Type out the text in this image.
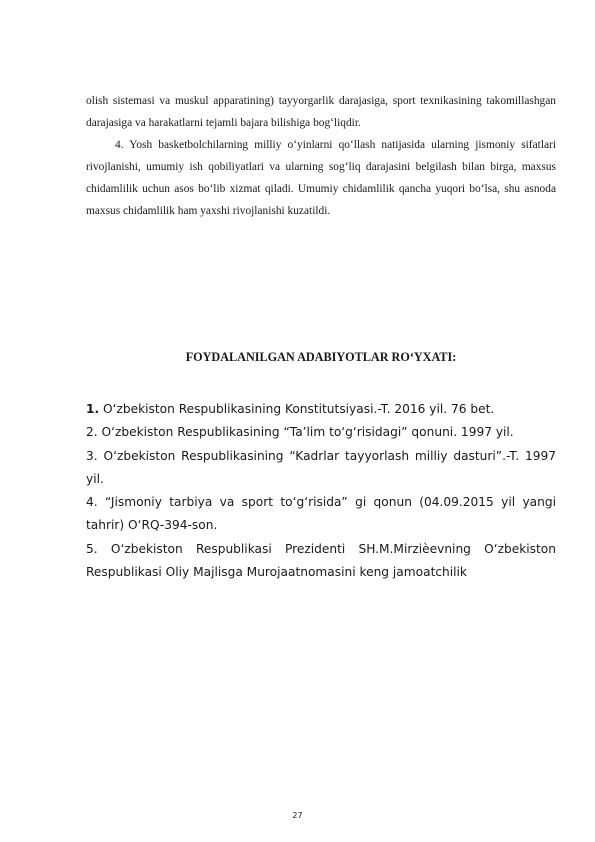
olish sistemasi va muskul apparatining) tayyorgarlik darajasiga, sport texnikasining takomillashgan darajasiga va harakatlarni tejamli bajara bilishiga bog‘liqdir.

4. Yosh basketbolchilarning milliy o‘yinlarni qo‘llash natijasida ularning jismoniy sifatlari rivojlanishi, umumiy ish qobiliyatlari va ularning sog‘liq darajasini belgilash bilan birga, maxsus chidamlilik uchun asos bo‘lib xizmat qiladi. Umumiy chidamlilik qancha yuqori bo‘lsa, shu asnoda maxsus chidamlilik ham yaxshi rivojlanishi kuzatildi.

FOYDALANILGAN ADABIYOTLAR RO‘YXATI:
1. O‘zbekiston Respublikasining Konstitutsiyasi.-T. 2016 yil. 76 bet.
2. O‘zbekiston Respublikasining “Ta’lim to‘g‘risidagi” qonuni. 1997 yil.
3. O‘zbekiston Respublikasining “Kadrlar tayyorlash milliy dasturi”.-T. 1997 yil.
4. “Jismoniy tarbiya va sport to‘g‘risida” gi qonun (04.09.2015 yil yangi tahrir) O‘RQ-394-son.
5. O‘zbekiston Respublikasi Prezidenti SH.M.Mirzièevning O‘zbekiston Respublikasi Oliy Majlisga Murojaatnomasini keng jamoatchilik
27
